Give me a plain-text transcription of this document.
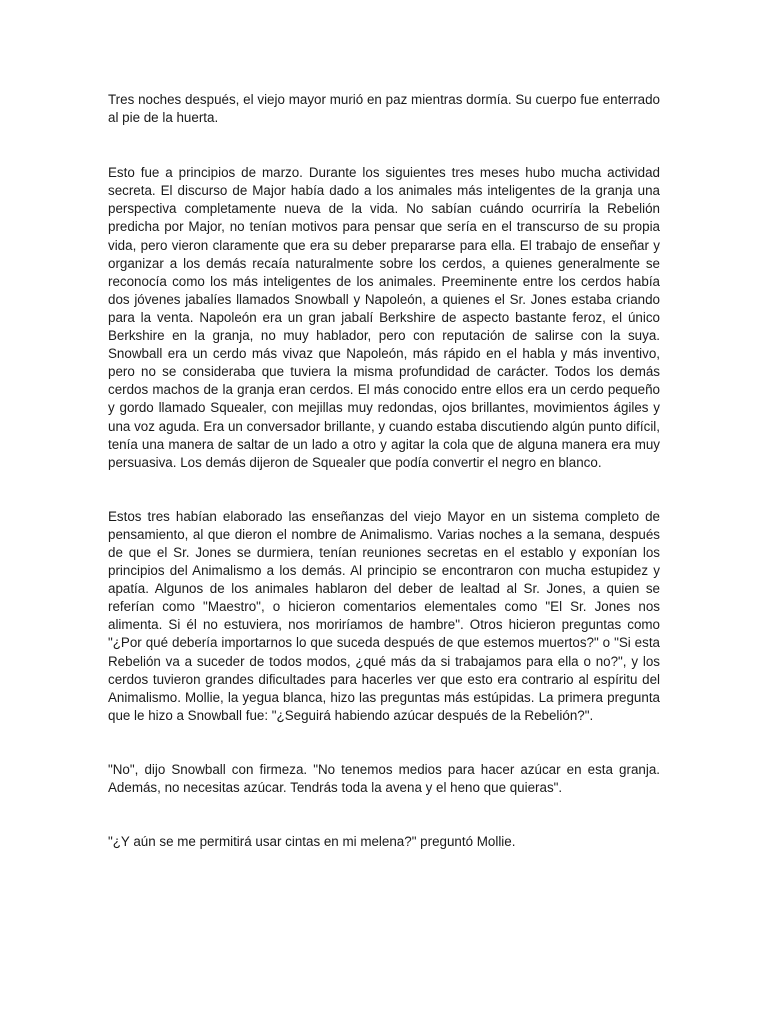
Tres noches después, el viejo mayor murió en paz mientras dormía. Su cuerpo fue enterrado al pie de la huerta.

Esto fue a principios de marzo. Durante los siguientes tres meses hubo mucha actividad secreta. El discurso de Major había dado a los animales más inteligentes de la granja una perspectiva completamente nueva de la vida. No sabían cuándo ocurriría la Rebelión predicha por Major, no tenían motivos para pensar que sería en el transcurso de su propia vida, pero vieron claramente que era su deber prepararse para ella. El trabajo de enseñar y organizar a los demás recaía naturalmente sobre los cerdos, a quienes generalmente se reconocía como los más inteligentes de los animales. Preeminente entre los cerdos había dos jóvenes jabalíes llamados Snowball y Napoleón, a quienes el Sr. Jones estaba criando para la venta. Napoleón era un gran jabalí Berkshire de aspecto bastante feroz, el único Berkshire en la granja, no muy hablador, pero con reputación de salirse con la suya. Snowball era un cerdo más vivaz que Napoleón, más rápido en el habla y más inventivo, pero no se consideraba que tuviera la misma profundidad de carácter. Todos los demás cerdos machos de la granja eran cerdos. El más conocido entre ellos era un cerdo pequeño y gordo llamado Squealer, con mejillas muy redondas, ojos brillantes, movimientos ágiles y una voz aguda. Era un conversador brillante, y cuando estaba discutiendo algún punto difícil, tenía una manera de saltar de un lado a otro y agitar la cola que de alguna manera era muy persuasiva. Los demás dijeron de Squealer que podía convertir el negro en blanco.

Estos tres habían elaborado las enseñanzas del viejo Mayor en un sistema completo de pensamiento, al que dieron el nombre de Animalismo. Varias noches a la semana, después de que el Sr. Jones se durmiera, tenían reuniones secretas en el establo y exponían los principios del Animalismo a los demás. Al principio se encontraron con mucha estupidez y apatía. Algunos de los animales hablaron del deber de lealtad al Sr. Jones, a quien se referían como "Maestro", o hicieron comentarios elementales como "El Sr. Jones nos alimenta. Si él no estuviera, nos moriríamos de hambre". Otros hicieron preguntas como "¿Por qué debería importarnos lo que suceda después de que estemos muertos?" o "Si esta Rebelión va a suceder de todos modos, ¿qué más da si trabajamos para ella o no?", y los cerdos tuvieron grandes dificultades para hacerles ver que esto era contrario al espíritu del Animalismo. Mollie, la yegua blanca, hizo las preguntas más estúpidas. La primera pregunta que le hizo a Snowball fue: "¿Seguirá habiendo azúcar después de la Rebelión?".

"No", dijo Snowball con firmeza. "No tenemos medios para hacer azúcar en esta granja. Además, no necesitas azúcar. Tendrás toda la avena y el heno que quieras".

"¿Y aún se me permitirá usar cintas en mi melena?" preguntó Mollie.
